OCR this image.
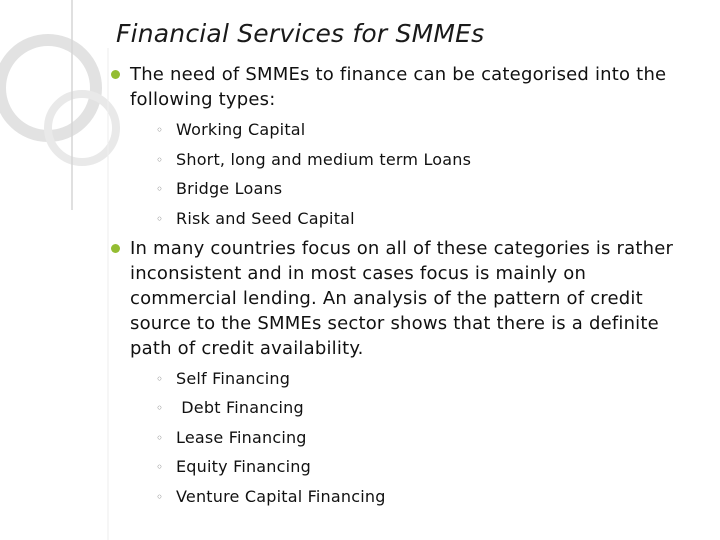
Financial Services for SMMEs
The need of SMMEs to finance can be categorised into the following types:
◦ Working Capital
◦ Short, long and medium term Loans
◦ Bridge Loans
◦ Risk and Seed Capital
In many countries focus on all of these categories is rather inconsistent and in most cases focus is mainly on commercial lending. An analysis of the pattern of credit source to the SMMEs sector shows that there is a definite path of credit availability.
◦ Self Financing
◦ Debt Financing
◦ Lease Financing
◦ Equity Financing
◦ Venture Capital Financing
